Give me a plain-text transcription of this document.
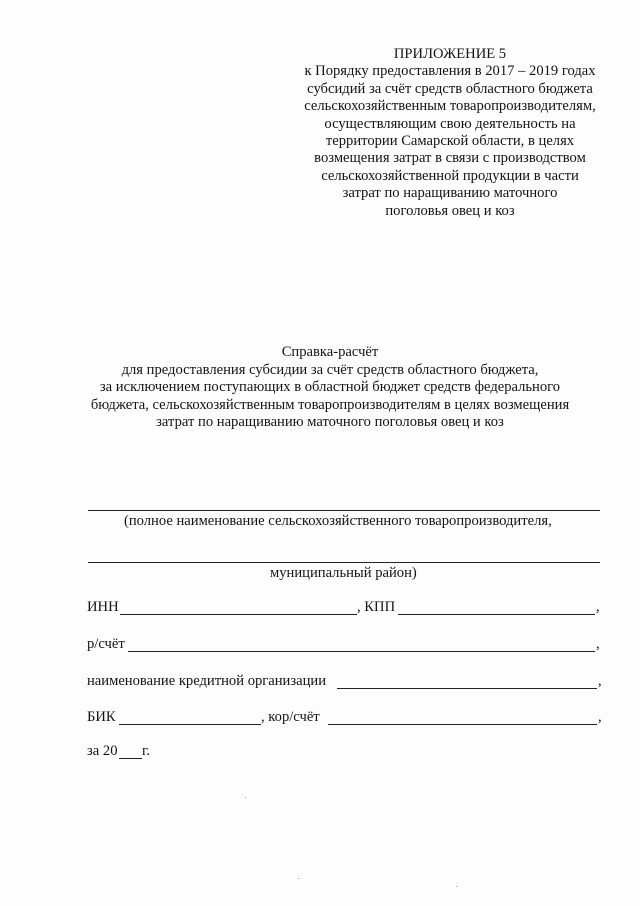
ПРИЛОЖЕНИЕ 5
к Порядку предоставления в 2017 – 2019 годах
субсидий за счёт средств областного бюджета
сельскохозяйственным товаропроизводителям,
осуществляющим свою деятельность на
территории Самарской области, в целях
возмещения затрат в связи с производством
сельскохозяйственной продукции в части
затрат по наращиванию маточного
поголовья овец и коз
Справка-расчёт
для предоставления субсидии за счёт средств областного бюджета,
за исключением поступающих в областной бюджет средств федерального
бюджета, сельскохозяйственным товаропроизводителям в целях возмещения
затрат по наращиванию маточного поголовья овец и коз
(полное наименование сельскохозяйственного товаропроизводителя,
муниципальный район)
ИНН	, КПП	,
р/счёт	,
наименование кредитной организации	,
БИК	, кор/счёт	,
за 20 г.
